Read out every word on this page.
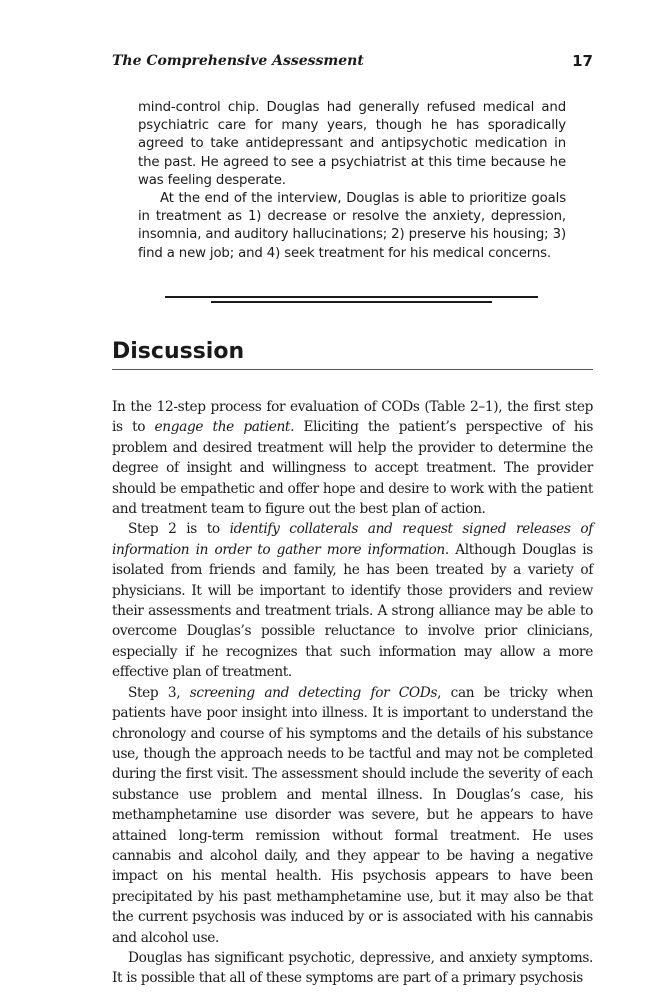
The Comprehensive Assessment	17

mind-control chip. Douglas had generally refused medical and psychiatric care for many years, though he has sporadically agreed to take antidepressant and antipsychotic medication in the past. He agreed to see a psychiatrist at this time because he was feeling desperate.

At the end of the interview, Douglas is able to prioritize goals in treatment as 1) decrease or resolve the anxiety, depression, insomnia, and auditory hallucinations; 2) preserve his housing; 3) find a new job; and 4) seek treatment for his medical concerns.

Discussion

In the 12-step process for evaluation of CODs (Table 2–1), the first step is to engage the patient. Eliciting the patient’s perspective of his problem and desired treatment will help the provider to determine the degree of insight and willingness to accept treatment. The provider should be empathetic and offer hope and desire to work with the patient and treatment team to figure out the best plan of action.

Step 2 is to identify collaterals and request signed releases of information in order to gather more information. Although Douglas is isolated from friends and family, he has been treated by a variety of physicians. It will be important to identify those providers and review their assessments and treatment trials. A strong alliance may be able to overcome Douglas’s possible reluctance to involve prior clinicians, especially if he recognizes that such information may allow a more effective plan of treatment.

Step 3, screening and detecting for CODs, can be tricky when patients have poor insight into illness. It is important to understand the chronology and course of his symptoms and the details of his substance use, though the approach needs to be tactful and may not be completed during the first visit. The assessment should include the severity of each substance use problem and mental illness. In Douglas’s case, his methamphetamine use disorder was severe, but he appears to have attained long-term remission without formal treatment. He uses cannabis and alcohol daily, and they appear to be having a negative impact on his mental health. His psychosis appears to have been precipitated by his past methamphetamine use, but it may also be that the current psychosis was induced by or is associated with his cannabis and alcohol use.

Douglas has significant psychotic, depressive, and anxiety symptoms. It is possible that all of these symptoms are part of a primary psychosis
